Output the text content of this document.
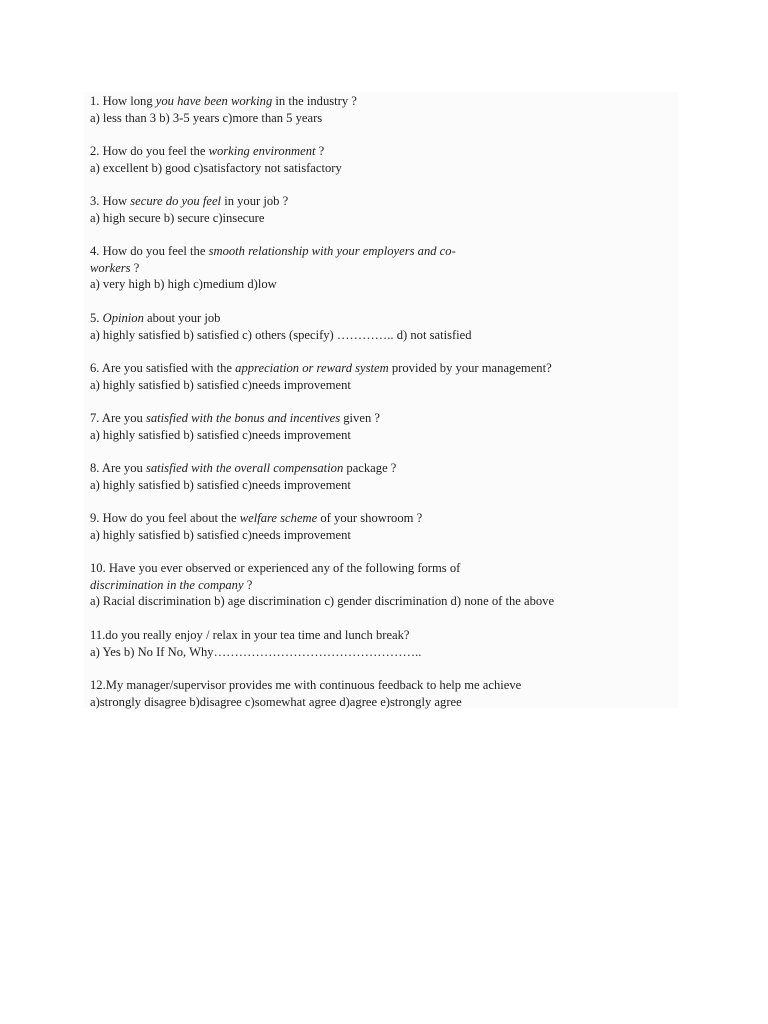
1. How long you have been working in the industry ?
a) less than 3 b) 3-5 years c)more than 5 years
2. How do you feel the working environment ?
a) excellent b) good c)satisfactory not satisfactory
3. How secure do you feel in your job ?
a) high secure b) secure c)insecure
4. How do you feel the smooth relationship with your employers and co-
workers ?
a) very high b) high c)medium d)low
5. Opinion about your job
a) highly satisfied b) satisfied c) others (specify) ………….. d) not satisfied
6. Are you satisfied with the appreciation or reward system provided by your management?
a) highly satisfied b) satisfied c)needs improvement
7. Are you satisfied with the bonus and incentives given ?
a) highly satisfied b) satisfied c)needs improvement
8. Are you satisfied with the overall compensation package ?
a) highly satisfied b) satisfied c)needs improvement
9. How do you feel about the welfare scheme of your showroom ?
a) highly satisfied b) satisfied c)needs improvement
10. Have you ever observed or experienced any of the following forms of
discrimination in the company ?
a) Racial discrimination b) age discrimination c) gender discrimination d) none of the above
11.do you really enjoy / relax in your tea time and lunch break?
a) Yes b) No If No, Why…………………………………………..
12.My manager/supervisor provides me with continuous feedback to help me achieve
a)strongly disagree b)disagree c)somewhat agree d)agree e)strongly agree
